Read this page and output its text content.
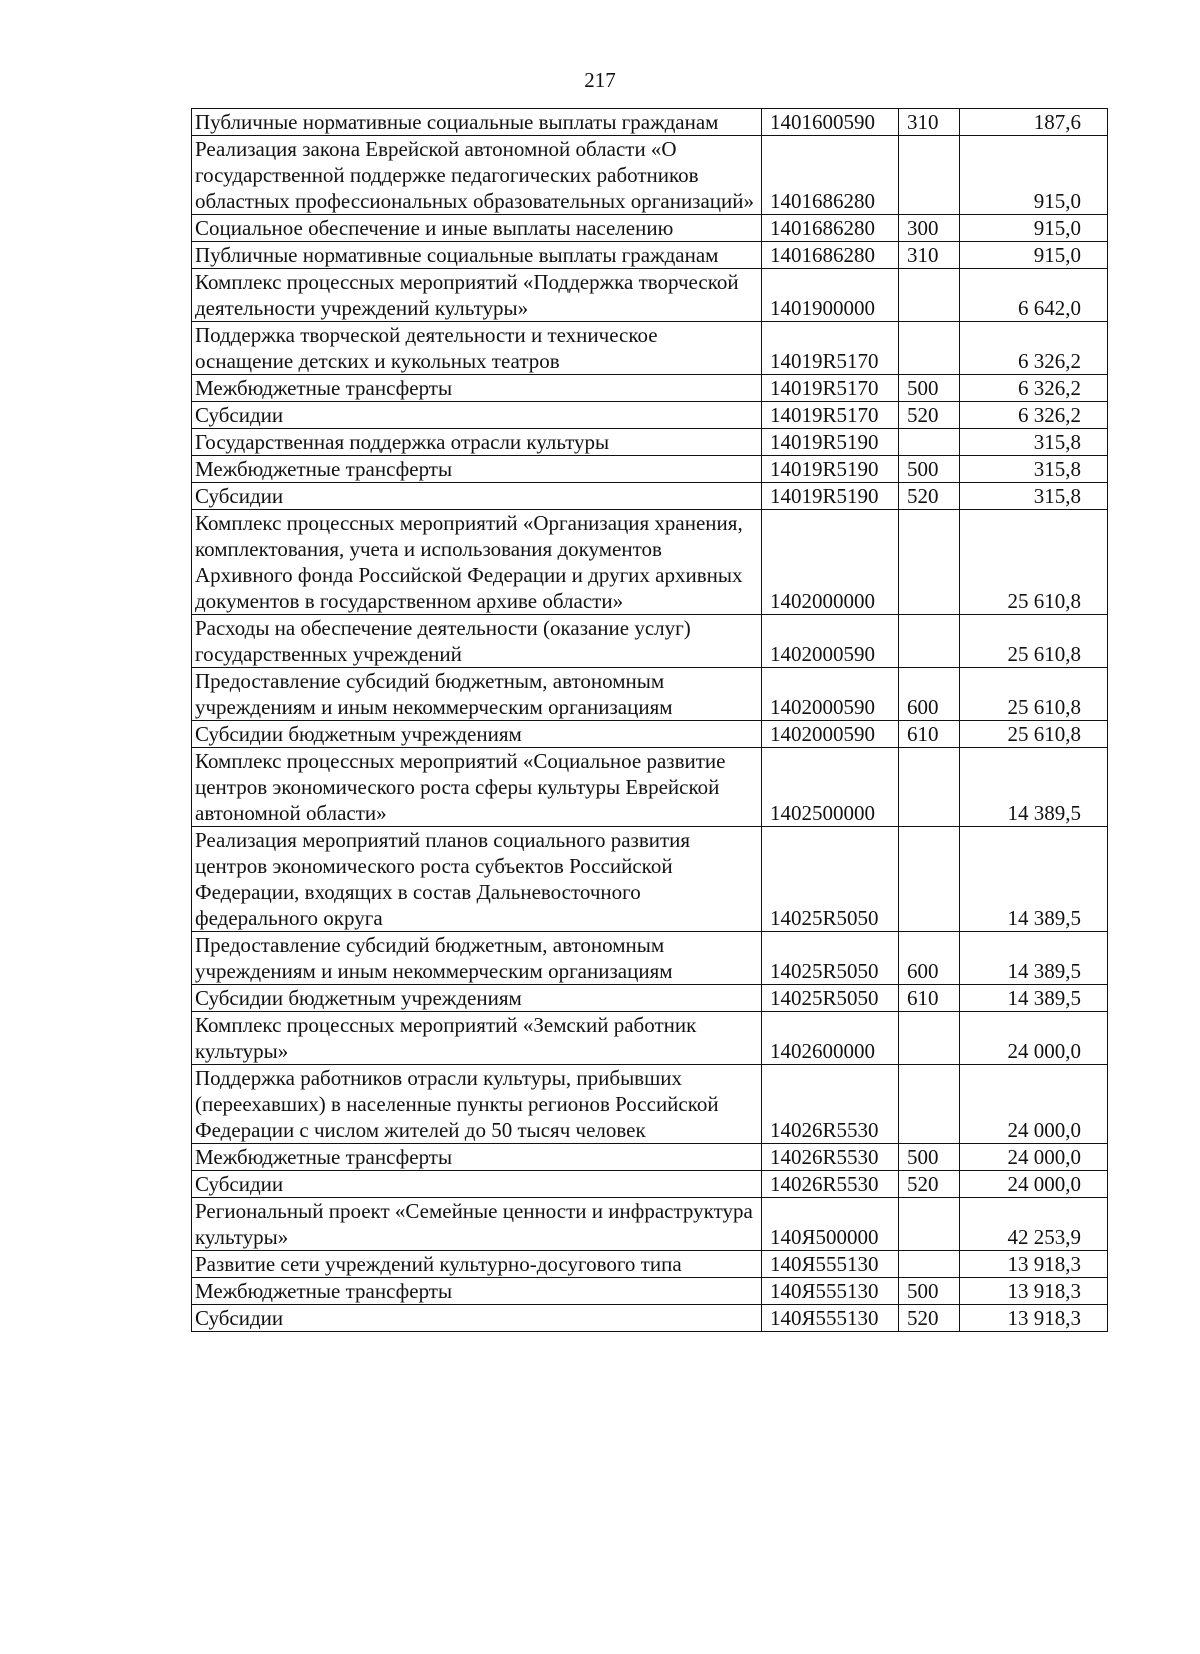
217
Публичные нормативные социальные выплаты гражданам	1401600590	310	187,6
Реализация закона Еврейской автономной области «О государственной поддержке педагогических работников областных профессиональных образовательных организаций»	1401686280		915,0
Социальное обеспечение и иные выплаты населению	1401686280	300	915,0
Публичные нормативные социальные выплаты гражданам	1401686280	310	915,0
Комплекс процессных мероприятий «Поддержка творческой деятельности учреждений культуры»	1401900000		6 642,0
Поддержка творческой деятельности и техническое оснащение детских и кукольных театров	14019R5170		6 326,2
Межбюджетные трансферты	14019R5170	500	6 326,2
Субсидии	14019R5170	520	6 326,2
Государственная поддержка отрасли культуры	14019R5190		315,8
Межбюджетные трансферты	14019R5190	500	315,8
Субсидии	14019R5190	520	315,8
Комплекс процессных мероприятий «Организация хранения, комплектования, учета и использования документов Архивного фонда Российской Федерации и других архивных документов в государственном архиве области»	1402000000		25 610,8
Расходы на обеспечение деятельности (оказание услуг) государственных учреждений	1402000590		25 610,8
Предоставление субсидий бюджетным, автономным учреждениям и иным некоммерческим организациям	1402000590	600	25 610,8
Субсидии бюджетным учреждениям	1402000590	610	25 610,8
Комплекс процессных мероприятий «Социальное развитие центров экономического роста сферы культуры Еврейской автономной области»	1402500000		14 389,5
Реализация мероприятий планов социального развития центров экономического роста субъектов Российской Федерации, входящих в состав Дальневосточного федерального округа	14025R5050		14 389,5
Предоставление субсидий бюджетным, автономным учреждениям и иным некоммерческим организациям	14025R5050	600	14 389,5
Субсидии бюджетным учреждениям	14025R5050	610	14 389,5
Комплекс процессных мероприятий «Земский работник культуры»	1402600000		24 000,0
Поддержка работников отрасли культуры, прибывших (переехавших) в населенные пункты регионов Российской Федерации с числом жителей до 50 тысяч человек	14026R5530		24 000,0
Межбюджетные трансферты	14026R5530	500	24 000,0
Субсидии	14026R5530	520	24 000,0
Региональный проект «Семейные ценности и инфраструктура культуры»	140Я500000		42 253,9
Развитие сети учреждений культурно-досугового типа	140Я555130		13 918,3
Межбюджетные трансферты	140Я555130	500	13 918,3
Субсидии	140Я555130	520	13 918,3
